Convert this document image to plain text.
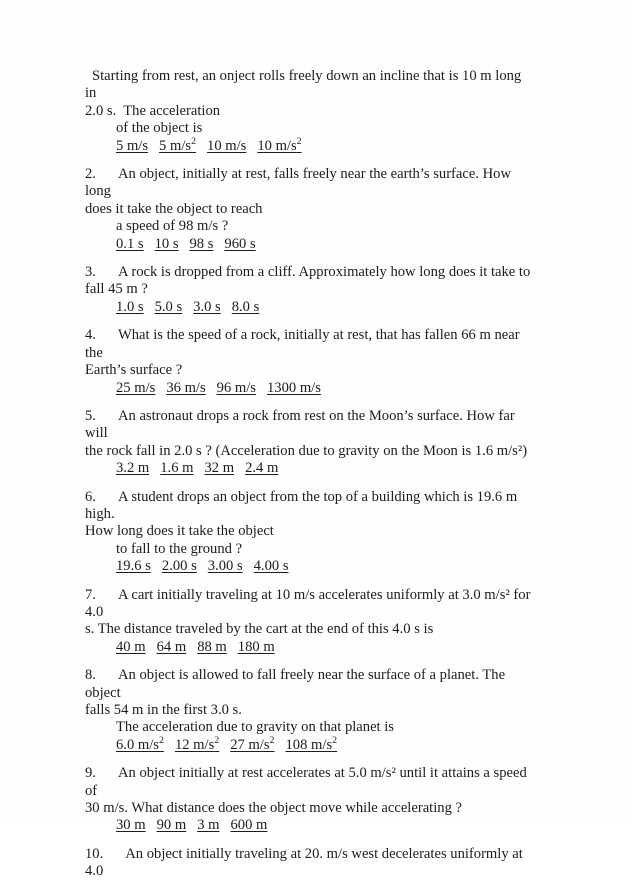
Starting from rest, an onject rolls freely down an incline that is 10 m long in
2.0 s.  The acceleration
of the object is
5 m/s 5 $m/s^2$ 10 m/s 10 $m/s^2$
2. An object, initially at rest, falls freely near the earth’s surface. How long
does it take the object to reach
a speed of 98 m/s ?
0.1 s 10 s 98 s 960 s
3. A rock is dropped from a cliff. Approximately how long does it take to
fall 45 m ?
1.0 s 5.0 s 3.0 s 8.0 s
4. What is the speed of a rock, initially at rest, that has fallen 66 m near the
Earth’s surface ?
25 m/s 36 m/s 96 m/s 1300 m/s
5. An astronaut drops a rock from rest on the Moon’s surface. How far will
the rock fall in 2.0 s ? (Acceleration due to gravity on the Moon is 1.6 m/s²)
3.2 m 1.6 m 32 m 2.4 m
6. A student drops an object from the top of a building which is 19.6 m high.
How long does it take the object
to fall to the ground ?
19.6 s 2.00 s 3.00 s 4.00 s
7. A cart initially traveling at 10 m/s accelerates uniformly at 3.0 m/s² for 4.0
s. The distance traveled by the cart at the end of this 4.0 s is
40 m 64 m 88 m 180 m
8. An object is allowed to fall freely near the surface of a planet. The object
falls 54 m in the first 3.0 s.
The acceleration due to gravity on that planet is
6.0 $m/s^2$ 12 $m/s^2$ 27 $m/s^2$ 108 $m/s^2$
9. An object initially at rest accelerates at 5.0 m/s² until it attains a speed of
30 m/s. What distance does the object move while accelerating ?
30 m 90 m 3 m 600 m
10. An object initially traveling at 20. m/s west decelerates uniformly at 4.0
